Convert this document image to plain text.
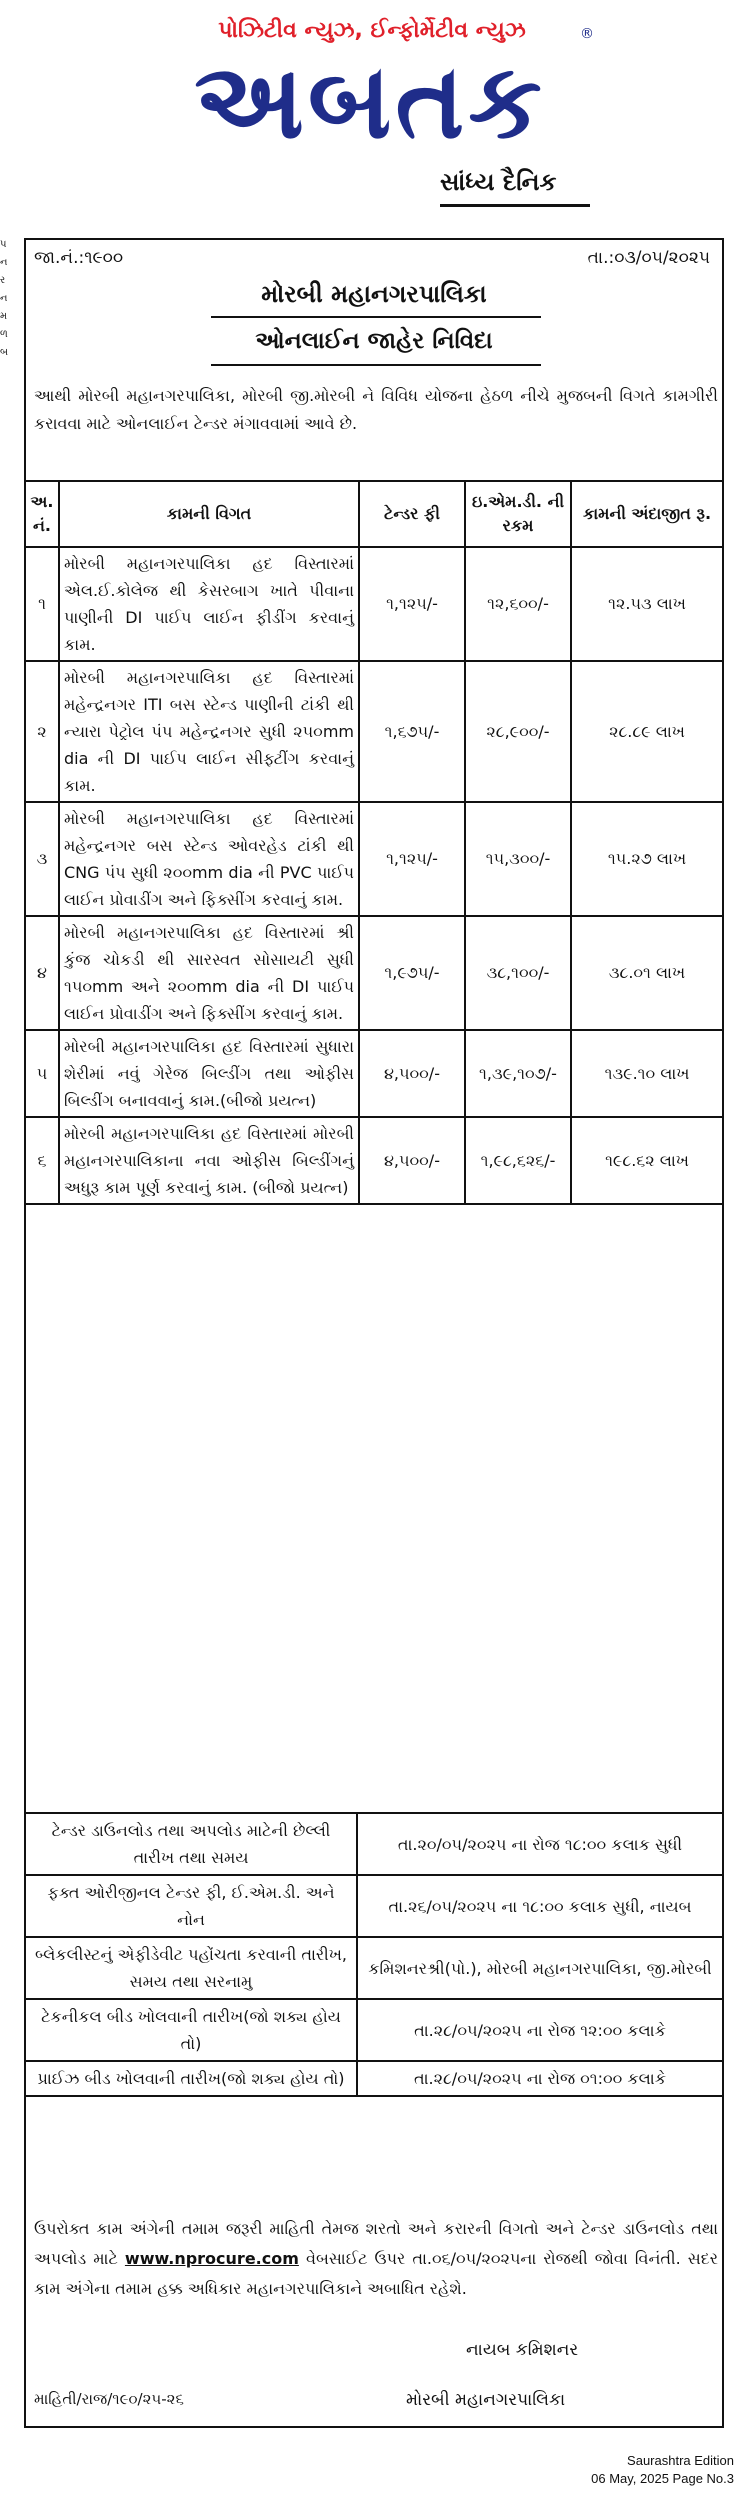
પોઝિટીવ ન્યુઝ, ઈન્ફોર્મેટીવ ન્યુઝ
અબતક
®
સાંધ્ય દૈનિક
પ
ન
ર
ન
મ
ળ
બ
જા.નં.:૧૯૦૦	તા.:૦૩/૦૫/૨૦૨૫
મોરબી મહાનગરપાલિકા
ઓનલાઈન જાહેર નિવિદા
આથી મોરબી મહાનગરપાલિકા, મોરબી જી.મોરબી ને વિવિધ યોજના હેઠળ નીચે મુજબની વિગતે કામગીરી કરાવવા માટે ઓનલાઈન ટેન્ડર મંગાવવામાં આવે છે.
અ. નં.	કામની વિગત	ટેન્ડર ફી	ઇ.એમ.ડી. ની રકમ	કામની અંદાજીત રૂ.
૧	મોરબી મહાનગરપાલિકા હદ વિસ્તારમાં એલ.ઈ.કોલેજ થી કેસરબાગ ખાતે પીવાના પાણીની DI પાઈપ લાઈન ફીડીંગ કરવાનું કામ.	૧,૧૨૫/-	૧૨,૬૦૦/-	૧૨.૫૩ લાખ
૨	મોરબી મહાનગરપાલિકા હદ વિસ્તારમાં મહેન્દ્રનગર ITI બસ સ્ટેન્ડ પાણીની ટાંકી થી ન્યારા પેટ્રોલ પંપ મહેન્દ્રનગર સુધી ૨૫૦mm dia ની DI પાઈપ લાઈન સીફ્ટીંગ કરવાનું કામ.	૧,૬૭૫/-	૨૮,૯૦૦/-	૨૮.૮૯ લાખ
૩	મોરબી મહાનગરપાલિકા હદ વિસ્તારમાં મહેન્દ્રનગર બસ સ્ટેન્ડ ઓવરહેડ ટાંકી થી CNG પંપ સુધી ૨૦૦mm dia ની PVC પાઈપ લાઈન પ્રોવાડીંગ અને ફિક્સીંગ કરવાનું કામ.	૧,૧૨૫/-	૧૫,૩૦૦/-	૧૫.૨૭ લાખ
૪	મોરબી મહાનગરપાલિકા હદ વિસ્તારમાં શ્રી કુંજ ચોકડી થી સારસ્વત સોસાયટી સુધી ૧૫૦mm અને ૨૦૦mm dia ની DI પાઈપ લાઈન પ્રોવાડીંગ અને ફિક્સીંગ કરવાનું કામ.	૧,૯૭૫/-	૩૮,૧૦૦/-	૩૮.૦૧ લાખ
૫	મોરબી મહાનગરપાલિકા હદ વિસ્તારમાં સુધારા શેરીમાં નવું ગેરેજ બિલ્ડીંગ તથા ઓફીસ બિલ્ડીંગ બનાવવાનું કામ.(બીજો પ્રયત્ન)	૪,૫૦૦/-	૧,૩૯,૧૦૭/-	૧૩૯.૧૦ લાખ
૬	મોરબી મહાનગરપાલિકા હદ વિસ્તારમાં મોરબી મહાનગરપાલિકાના નવા ઓફીસ બિલ્ડીંગનું અધુરૂ કામ પૂર્ણ કરવાનું કામ. (બીજો પ્રયત્ન)	૪,૫૦૦/-	૧,૯૮,૬૨૬/-	૧૯૮.૬૨ લાખ
ટેન્ડર ડાઉનલોડ તથા અપલોડ માટેની છેલ્લી તારીખ તથા સમય	તા.૨૦/૦૫/૨૦૨૫ ના રોજ ૧૮:૦૦ કલાક સુધી
ફક્ત ઓરીજીનલ ટેન્ડર ફી, ઈ.એમ.ડી. અને નોન	તા.૨૬/૦૫/૨૦૨૫ ના ૧૮:૦૦ કલાક સુધી, નાયબ
બ્લેકલીસ્ટનું એફીડેવીટ પહોંચતા કરવાની તારીખ, સમય તથા સરનામુ	કમિશનરશ્રી(પો.), મોરબી મહાનગરપાલિકા, જી.મોરબી
ટેકનીકલ બીડ ખોલવાની તારીખ(જો શક્ય હોય તો)	તા.૨૮/૦૫/૨૦૨૫ ના રોજ ૧૨:૦૦ કલાકે
પ્રાઈઝ બીડ ખોલવાની તારીખ(જો શક્ય હોય તો)	તા.૨૮/૦૫/૨૦૨૫ ના રોજ ૦૧:૦૦ કલાકે
ઉપરોક્ત કામ અંગેની તમામ જરૂરી માહિતી તેમજ શરતો અને કરારની વિગતો અને ટેન્ડર ડાઉનલોડ તથા અપલોડ માટે www.nprocure.com વેબસાઈટ ઉપર તા.૦૬/૦૫/૨૦૨૫ના રોજથી જોવા વિનંતી. સદર કામ અંગેના તમામ હક્ક અધિકાર મહાનગરપાલિકાને અબાધિત રહેશે.
નાયબ કમિશનર
માહિતી/રાજ/૧૯૦/૨૫-૨૬	મોરબી મહાનગરપાલિકા
Saurashtra Edition
06 May, 2025 Page No.3
